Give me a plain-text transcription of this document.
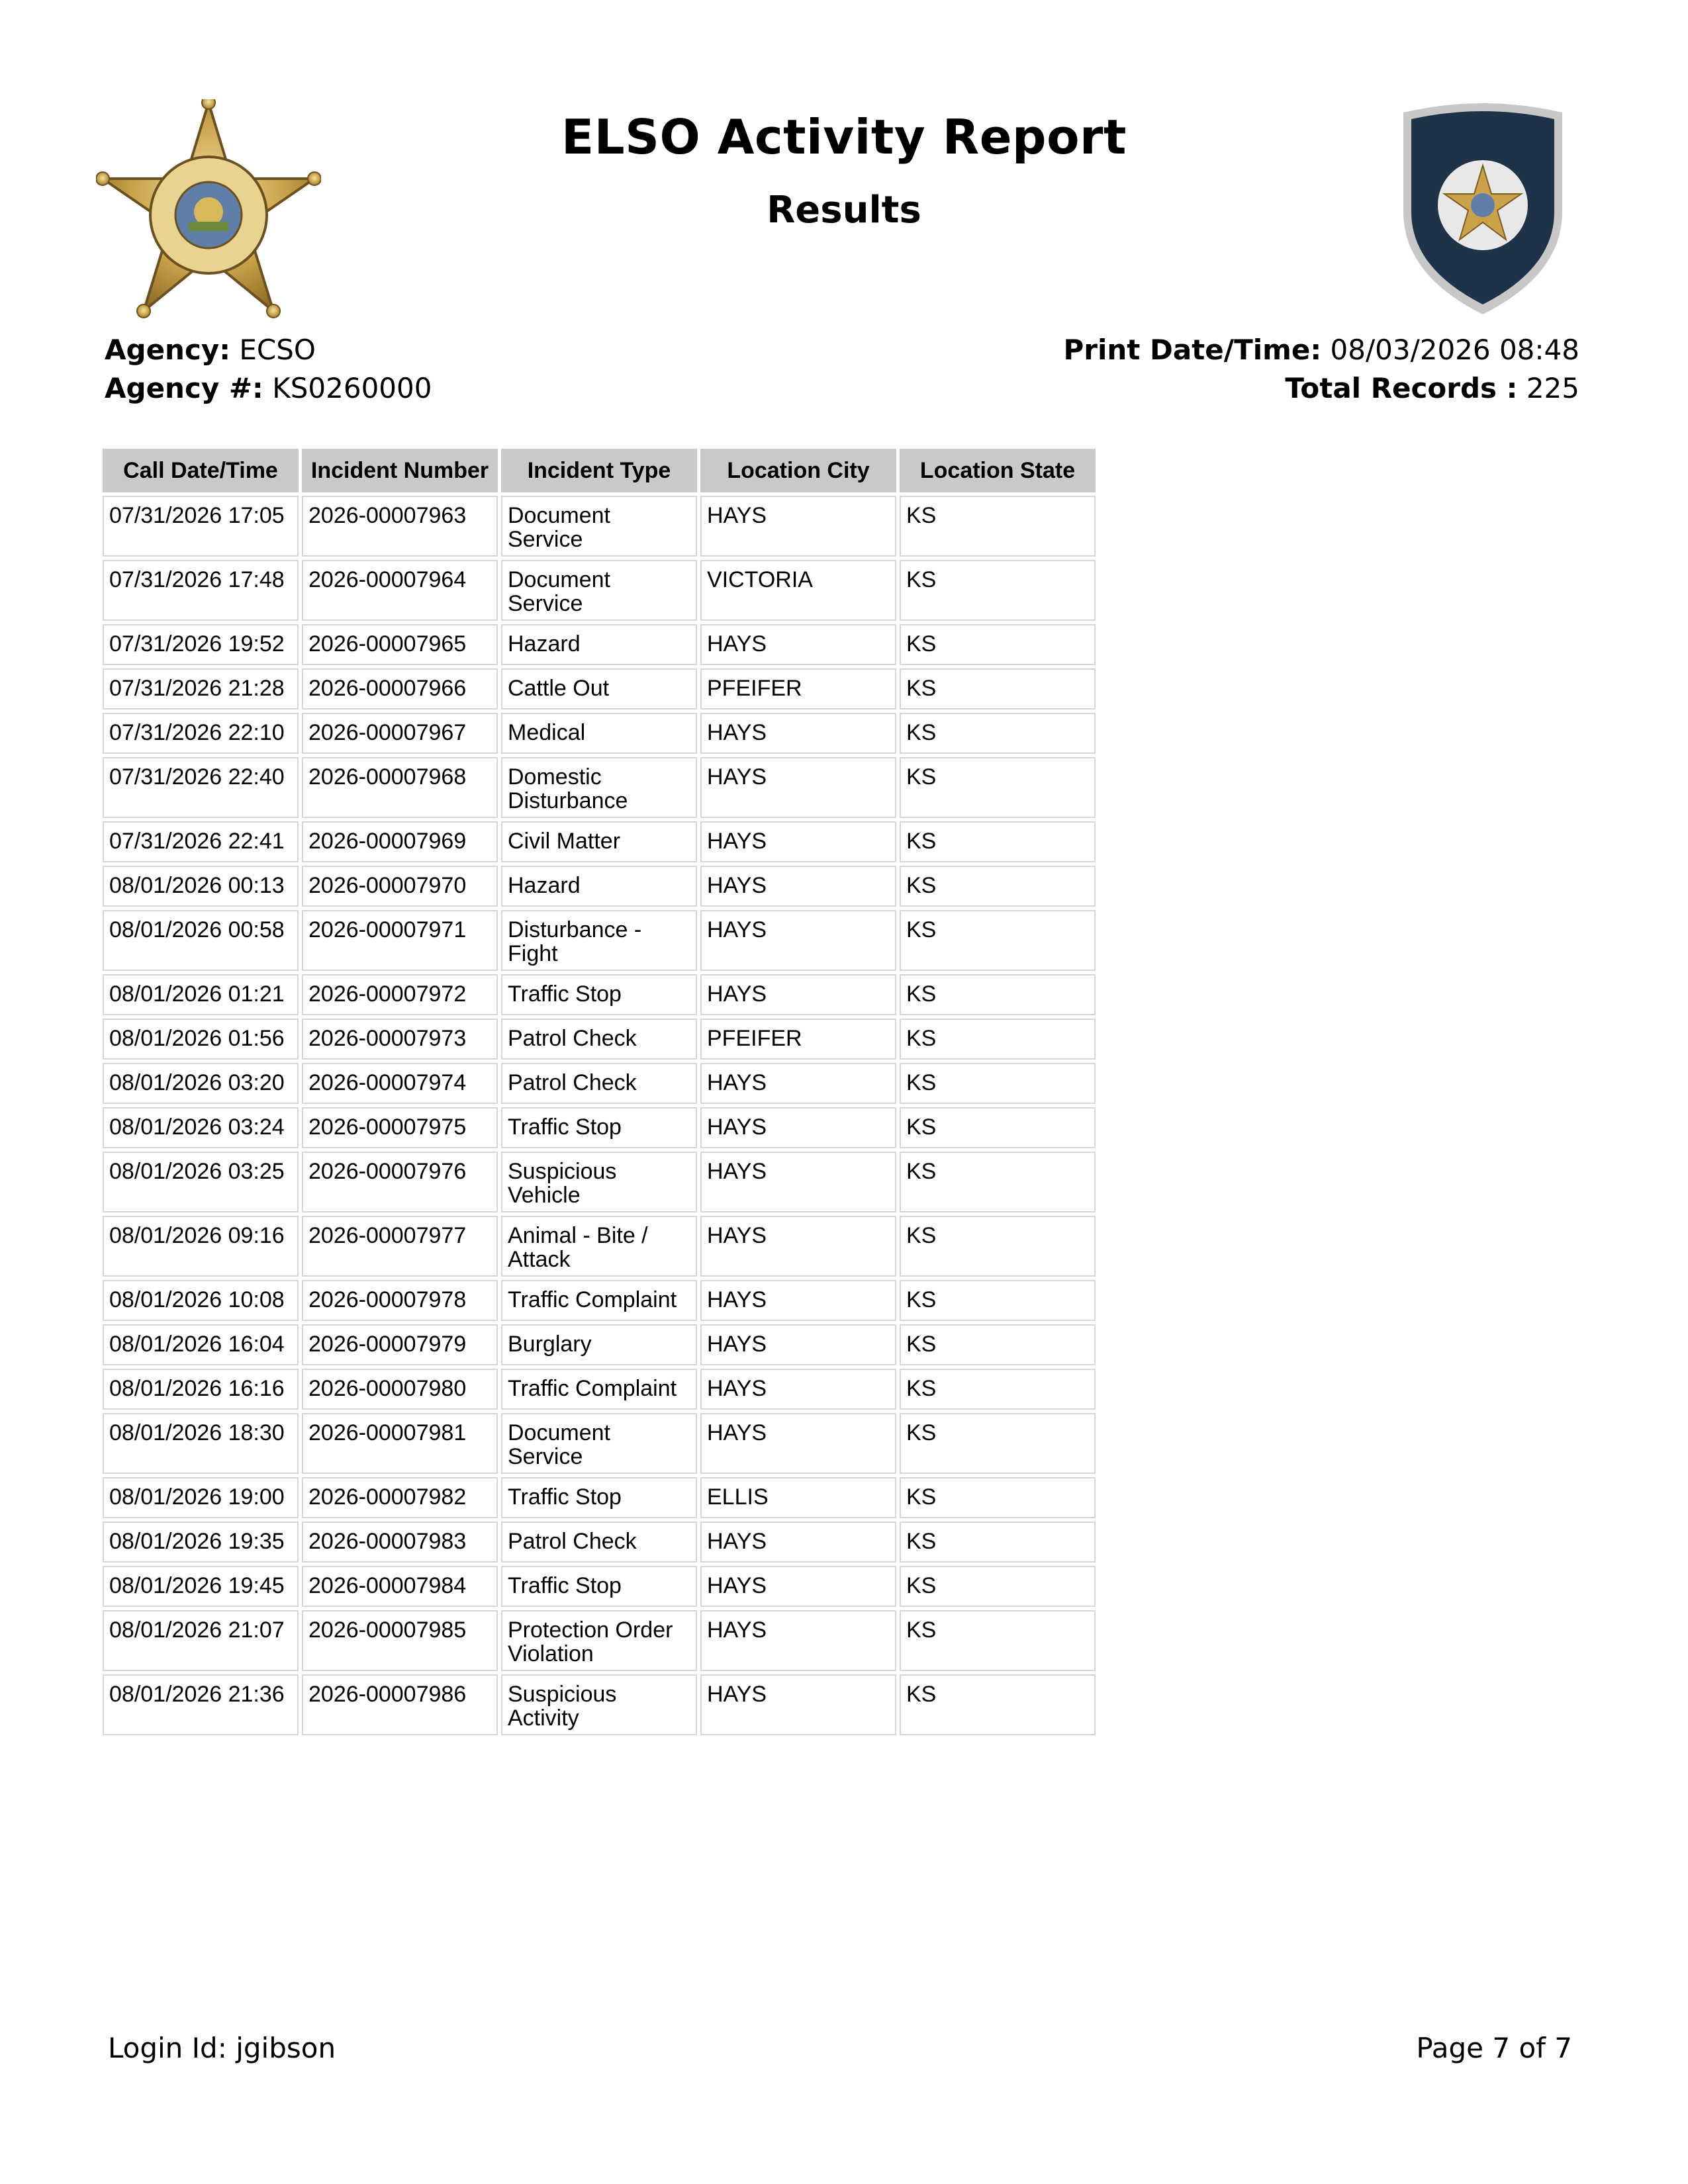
ELSO Activity Report
Results
Agency: ECSO
Agency #: KS0260000
Print Date/Time: 08/03/2026 08:48
Total Records : 225
Call Date/Time	Incident Number	Incident Type	Location City	Location State
07/31/2026 17:05	2026-00007963	Document Service	HAYS	KS
07/31/2026 17:48	2026-00007964	Document Service	VICTORIA	KS
07/31/2026 19:52	2026-00007965	Hazard	HAYS	KS
07/31/2026 21:28	2026-00007966	Cattle Out	PFEIFER	KS
07/31/2026 22:10	2026-00007967	Medical	HAYS	KS
07/31/2026 22:40	2026-00007968	Domestic Disturbance	HAYS	KS
07/31/2026 22:41	2026-00007969	Civil Matter	HAYS	KS
08/01/2026 00:13	2026-00007970	Hazard	HAYS	KS
08/01/2026 00:58	2026-00007971	Disturbance - Fight	HAYS	KS
08/01/2026 01:21	2026-00007972	Traffic Stop	HAYS	KS
08/01/2026 01:56	2026-00007973	Patrol Check	PFEIFER	KS
08/01/2026 03:20	2026-00007974	Patrol Check	HAYS	KS
08/01/2026 03:24	2026-00007975	Traffic Stop	HAYS	KS
08/01/2026 03:25	2026-00007976	Suspicious Vehicle	HAYS	KS
08/01/2026 09:16	2026-00007977	Animal - Bite / Attack	HAYS	KS
08/01/2026 10:08	2026-00007978	Traffic Complaint	HAYS	KS
08/01/2026 16:04	2026-00007979	Burglary	HAYS	KS
08/01/2026 16:16	2026-00007980	Traffic Complaint	HAYS	KS
08/01/2026 18:30	2026-00007981	Document Service	HAYS	KS
08/01/2026 19:00	2026-00007982	Traffic Stop	ELLIS	KS
08/01/2026 19:35	2026-00007983	Patrol Check	HAYS	KS
08/01/2026 19:45	2026-00007984	Traffic Stop	HAYS	KS
08/01/2026 21:07	2026-00007985	Protection Order Violation	HAYS	KS
08/01/2026 21:36	2026-00007986	Suspicious Activity	HAYS	KS
Login Id: jgibson	Page 7 of 7
